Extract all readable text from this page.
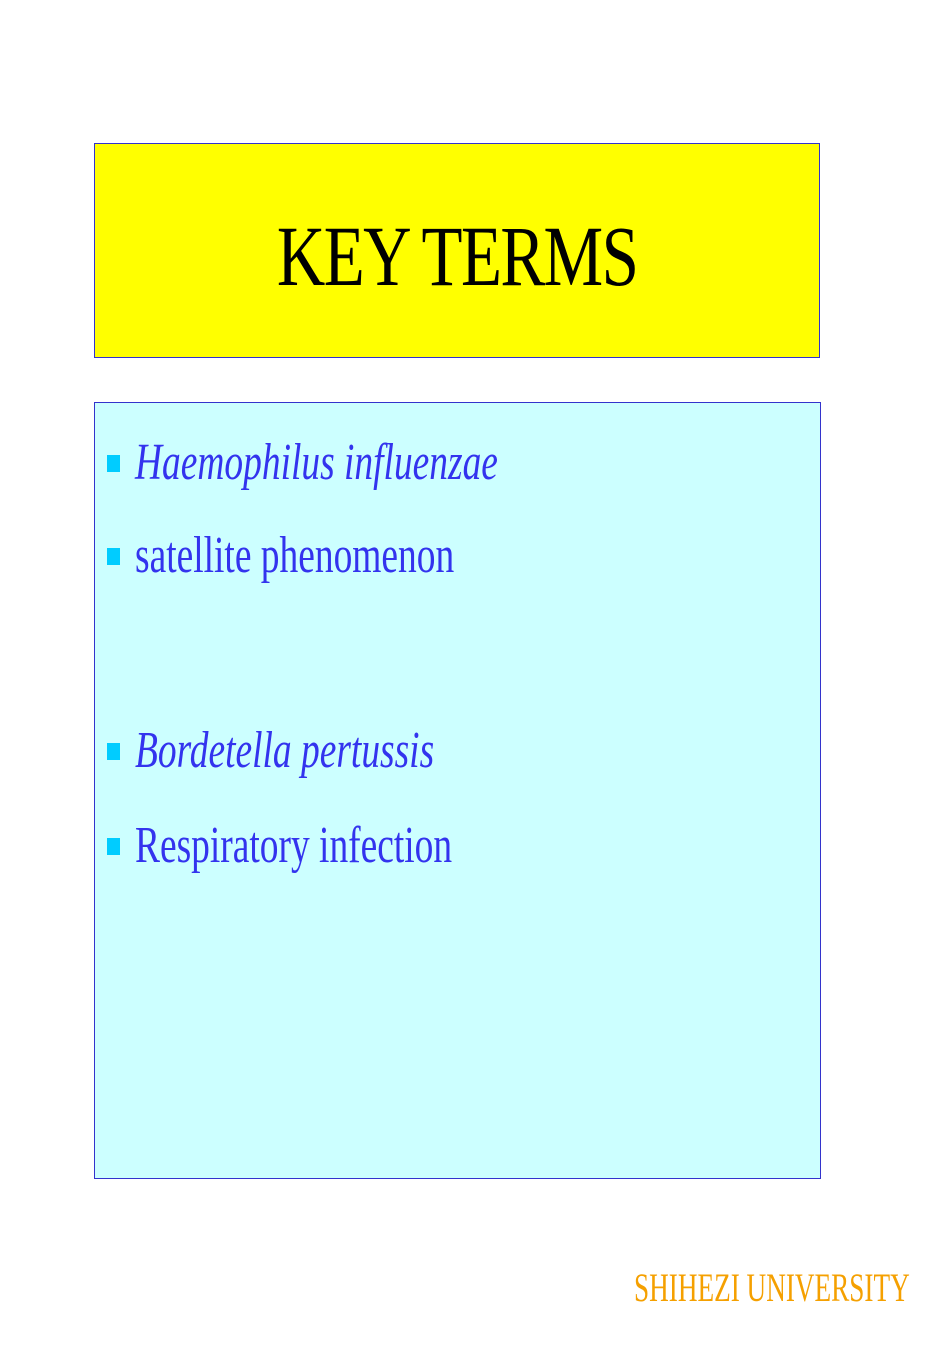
KEY TERMS
Haemophilus influenzae
satellite phenomenon
Bordetella pertussis
Respiratory infection
SHIHEZI UNIVERSITY
